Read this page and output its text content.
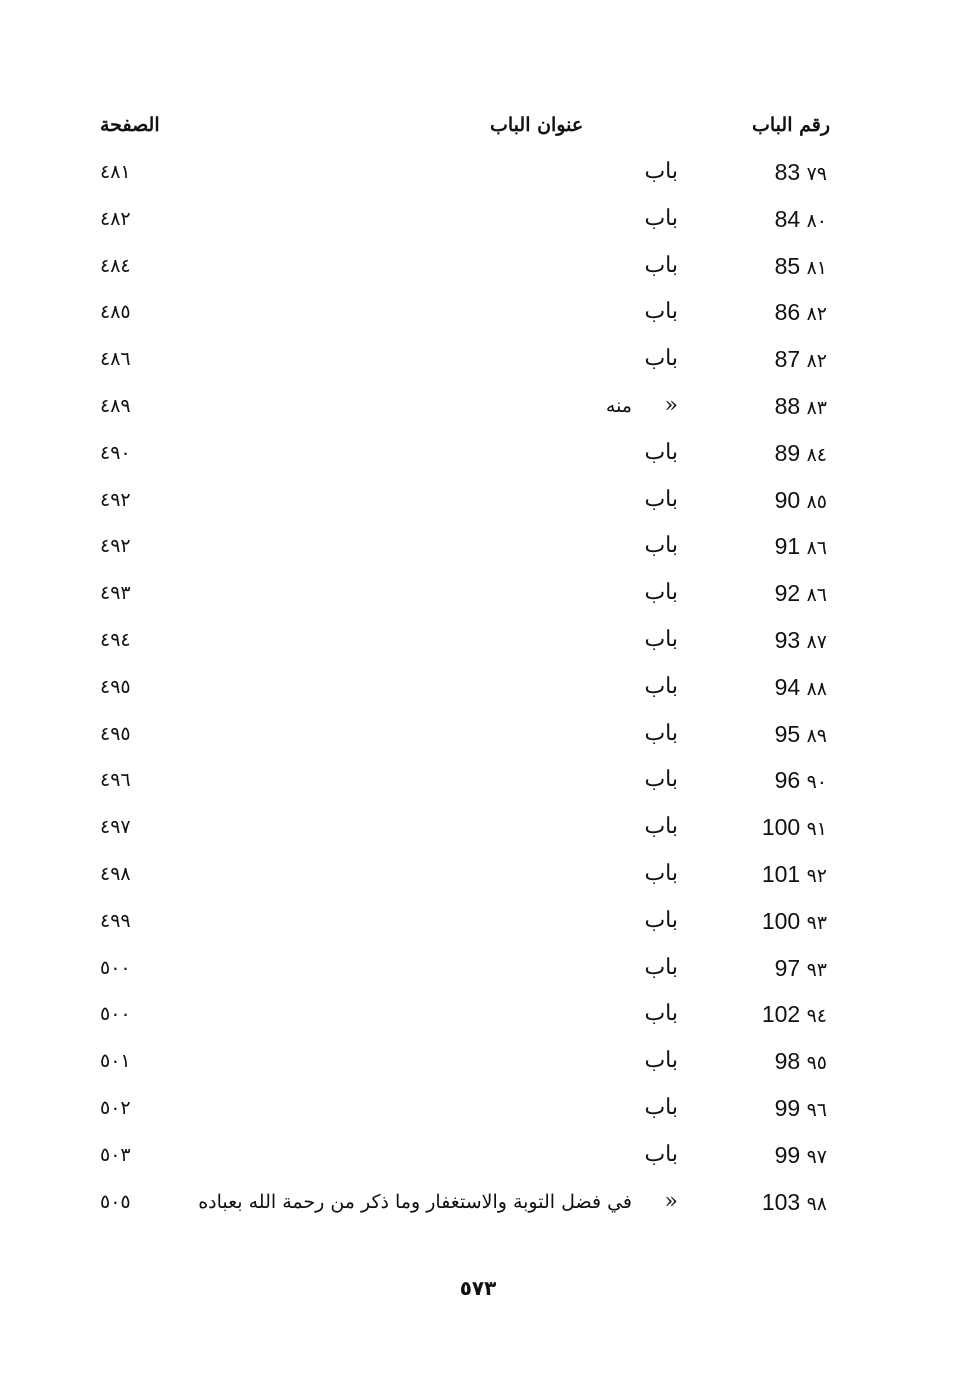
رقم الباب
عنوان الباب
الصفحة
83 ٧٩
باب
٤٨١
84 ٨٠
باب
٤٨٢
85 ٨١
باب
٤٨٤
86 ٨٢
باب
٤٨٥
87 ٨٢
باب
٤٨٦
88 ٨٣
«
منه
٤٨٩
89 ٨٤
باب
٤٩٠
90 ٨٥
باب
٤٩٢
91 ٨٦
باب
٤٩٢
92 ٨٦
باب
٤٩٣
93 ٨٧
باب
٤٩٤
94 ٨٨
باب
٤٩٥
95 ٨٩
باب
٤٩٥
96 ٩٠
باب
٤٩٦
100 ٩١
باب
٤٩٧
101 ٩٢
باب
٤٩٨
100 ٩٣
باب
٤٩٩
97 ٩٣
باب
٥٠٠
102 ٩٤
باب
٥٠٠
98 ٩٥
باب
٥٠١
99 ٩٦
باب
٥٠٢
99 ٩٧
باب
٥٠٣
103 ٩٨
«
في فضل التوبة والاستغفار وما ذكر من رحمة الله بعباده
٥٠٥
٥٧٣
